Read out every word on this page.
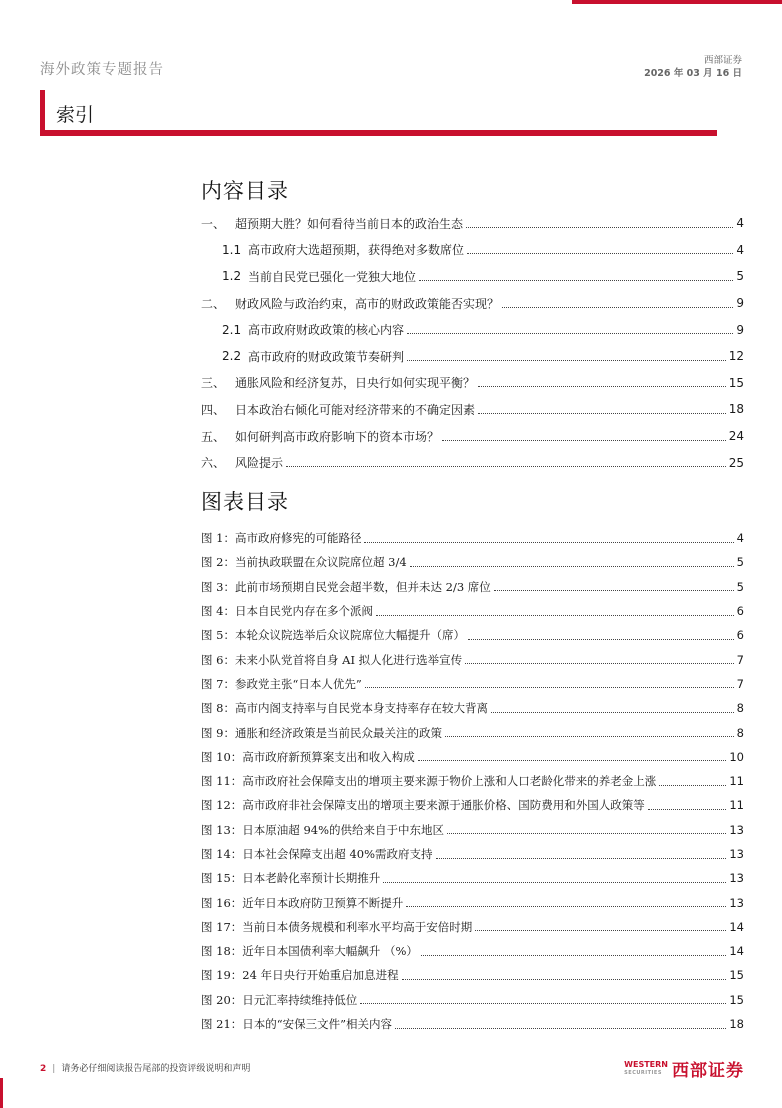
海外政策专题报告
西部证券
2026 年 03 月 16 日
索引
内容目录
一、 超预期大胜？如何看待当前日本的政治生态	4
1.1 高市政府大选超预期，获得绝对多数席位	4
1.2 当前自民党已强化一党独大地位	5
二、 财政风险与政治约束，高市的财政政策能否实现？	9
2.1 高市政府财政政策的核心内容	9
2.2 高市政府的财政政策节奏研判	12
三、 通胀风险和经济复苏，日央行如何实现平衡？	15
四、 日本政治右倾化可能对经济带来的不确定因素	18
五、 如何研判高市政府影响下的资本市场？	24
六、 风险提示	25
图表目录
图 1： 高市政府修宪的可能路径	4
图 2： 当前执政联盟在众议院席位超 3/4	5
图 3： 此前市场预期自民党会超半数，但并未达 2/3 席位	5
图 4： 日本自民党内存在多个派阀	6
图 5： 本轮众议院选举后众议院席位大幅提升（席）	6
图 6： 未来小队党首将自身 AI 拟人化进行选举宣传	7
图 7： 参政党主张“日本人优先”	7
图 8： 高市内阁支持率与自民党本身支持率存在较大背离	8
图 9： 通胀和经济政策是当前民众最关注的政策	8
图 10： 高市政府新预算案支出和收入构成	10
图 11： 高市政府社会保障支出的增项主要来源于物价上涨和人口老龄化带来的养老金上涨	11
图 12： 高市政府非社会保障支出的增项主要来源于通胀价格、国防费用和外国人政策等	11
图 13： 日本原油超 94%的供给来自于中东地区	13
图 14： 日本社会保障支出超 40%需政府支持	13
图 15： 日本老龄化率预计长期推升	13
图 16： 近年日本政府防卫预算不断提升	13
图 17： 当前日本债务规模和利率水平均高于安倍时期	14
图 18： 近年日本国债利率大幅飙升 （%）	14
图 19： 24 年日央行开始重启加息进程	15
图 20： 日元汇率持续维持低位	15
图 21： 日本的“安保三文件”相关内容	18
2 | 请务必仔细阅读报告尾部的投资评级说明和声明	WESTERN
SECURITIES 西部证券
